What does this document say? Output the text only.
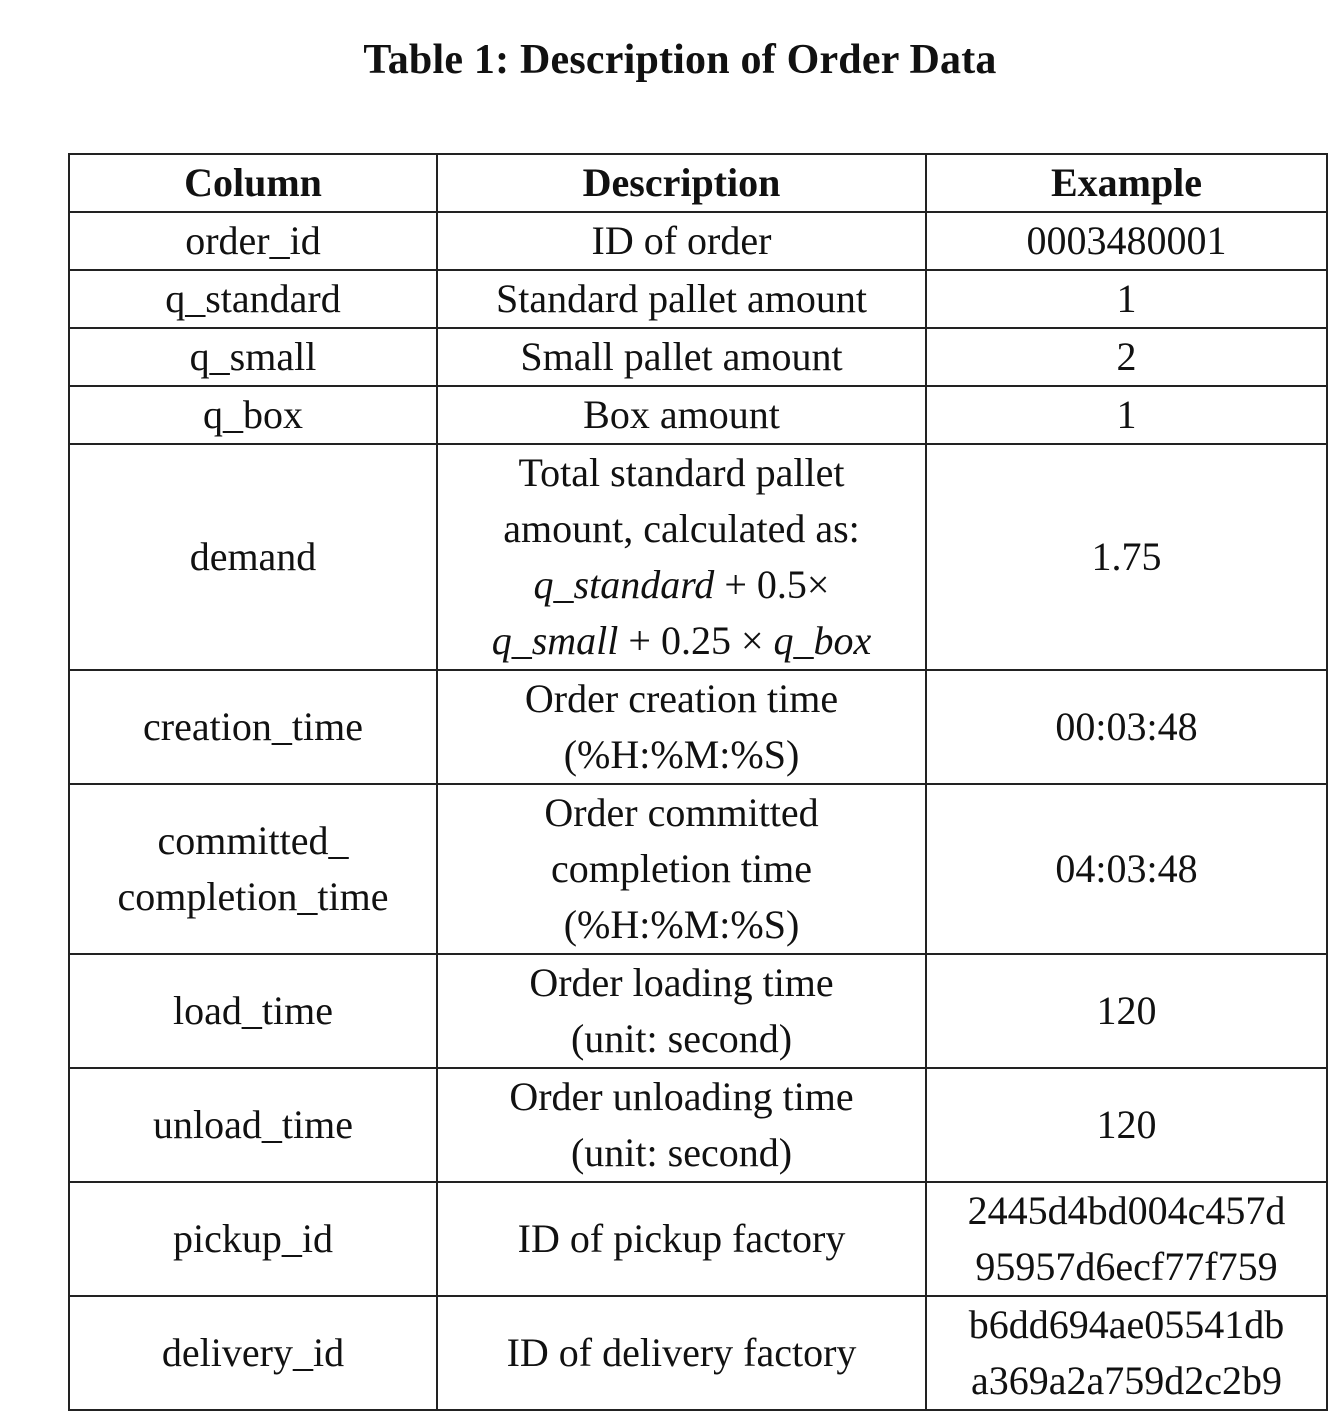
Table 1: Description of Order Data
Column	Description	Example
order_id	ID of order	0003480001
q_standard	Standard pallet amount	1
q_small	Small pallet amount	2
q_box	Box amount	1
demand	Total standard pallet
amount, calculated as:
q_standard + 0.5×
q_small + 0.25 × q_box	1.75
creation_time	Order creation time
(%H:%M:%S)	00:03:48

committed_
completion_time	Order committed
completion time
(%H:%M:%S)	04:03:48
load_time	Order loading time
(unit: second)	120
unload_time	Order unloading time
(unit: second)	120
pickup_id	ID of pickup factory	2445d4bd004c457d
95957d6ecf77f759

delivery_id	ID of delivery factory	b6dd694ae05541db
a369a2a759d2c2b9
